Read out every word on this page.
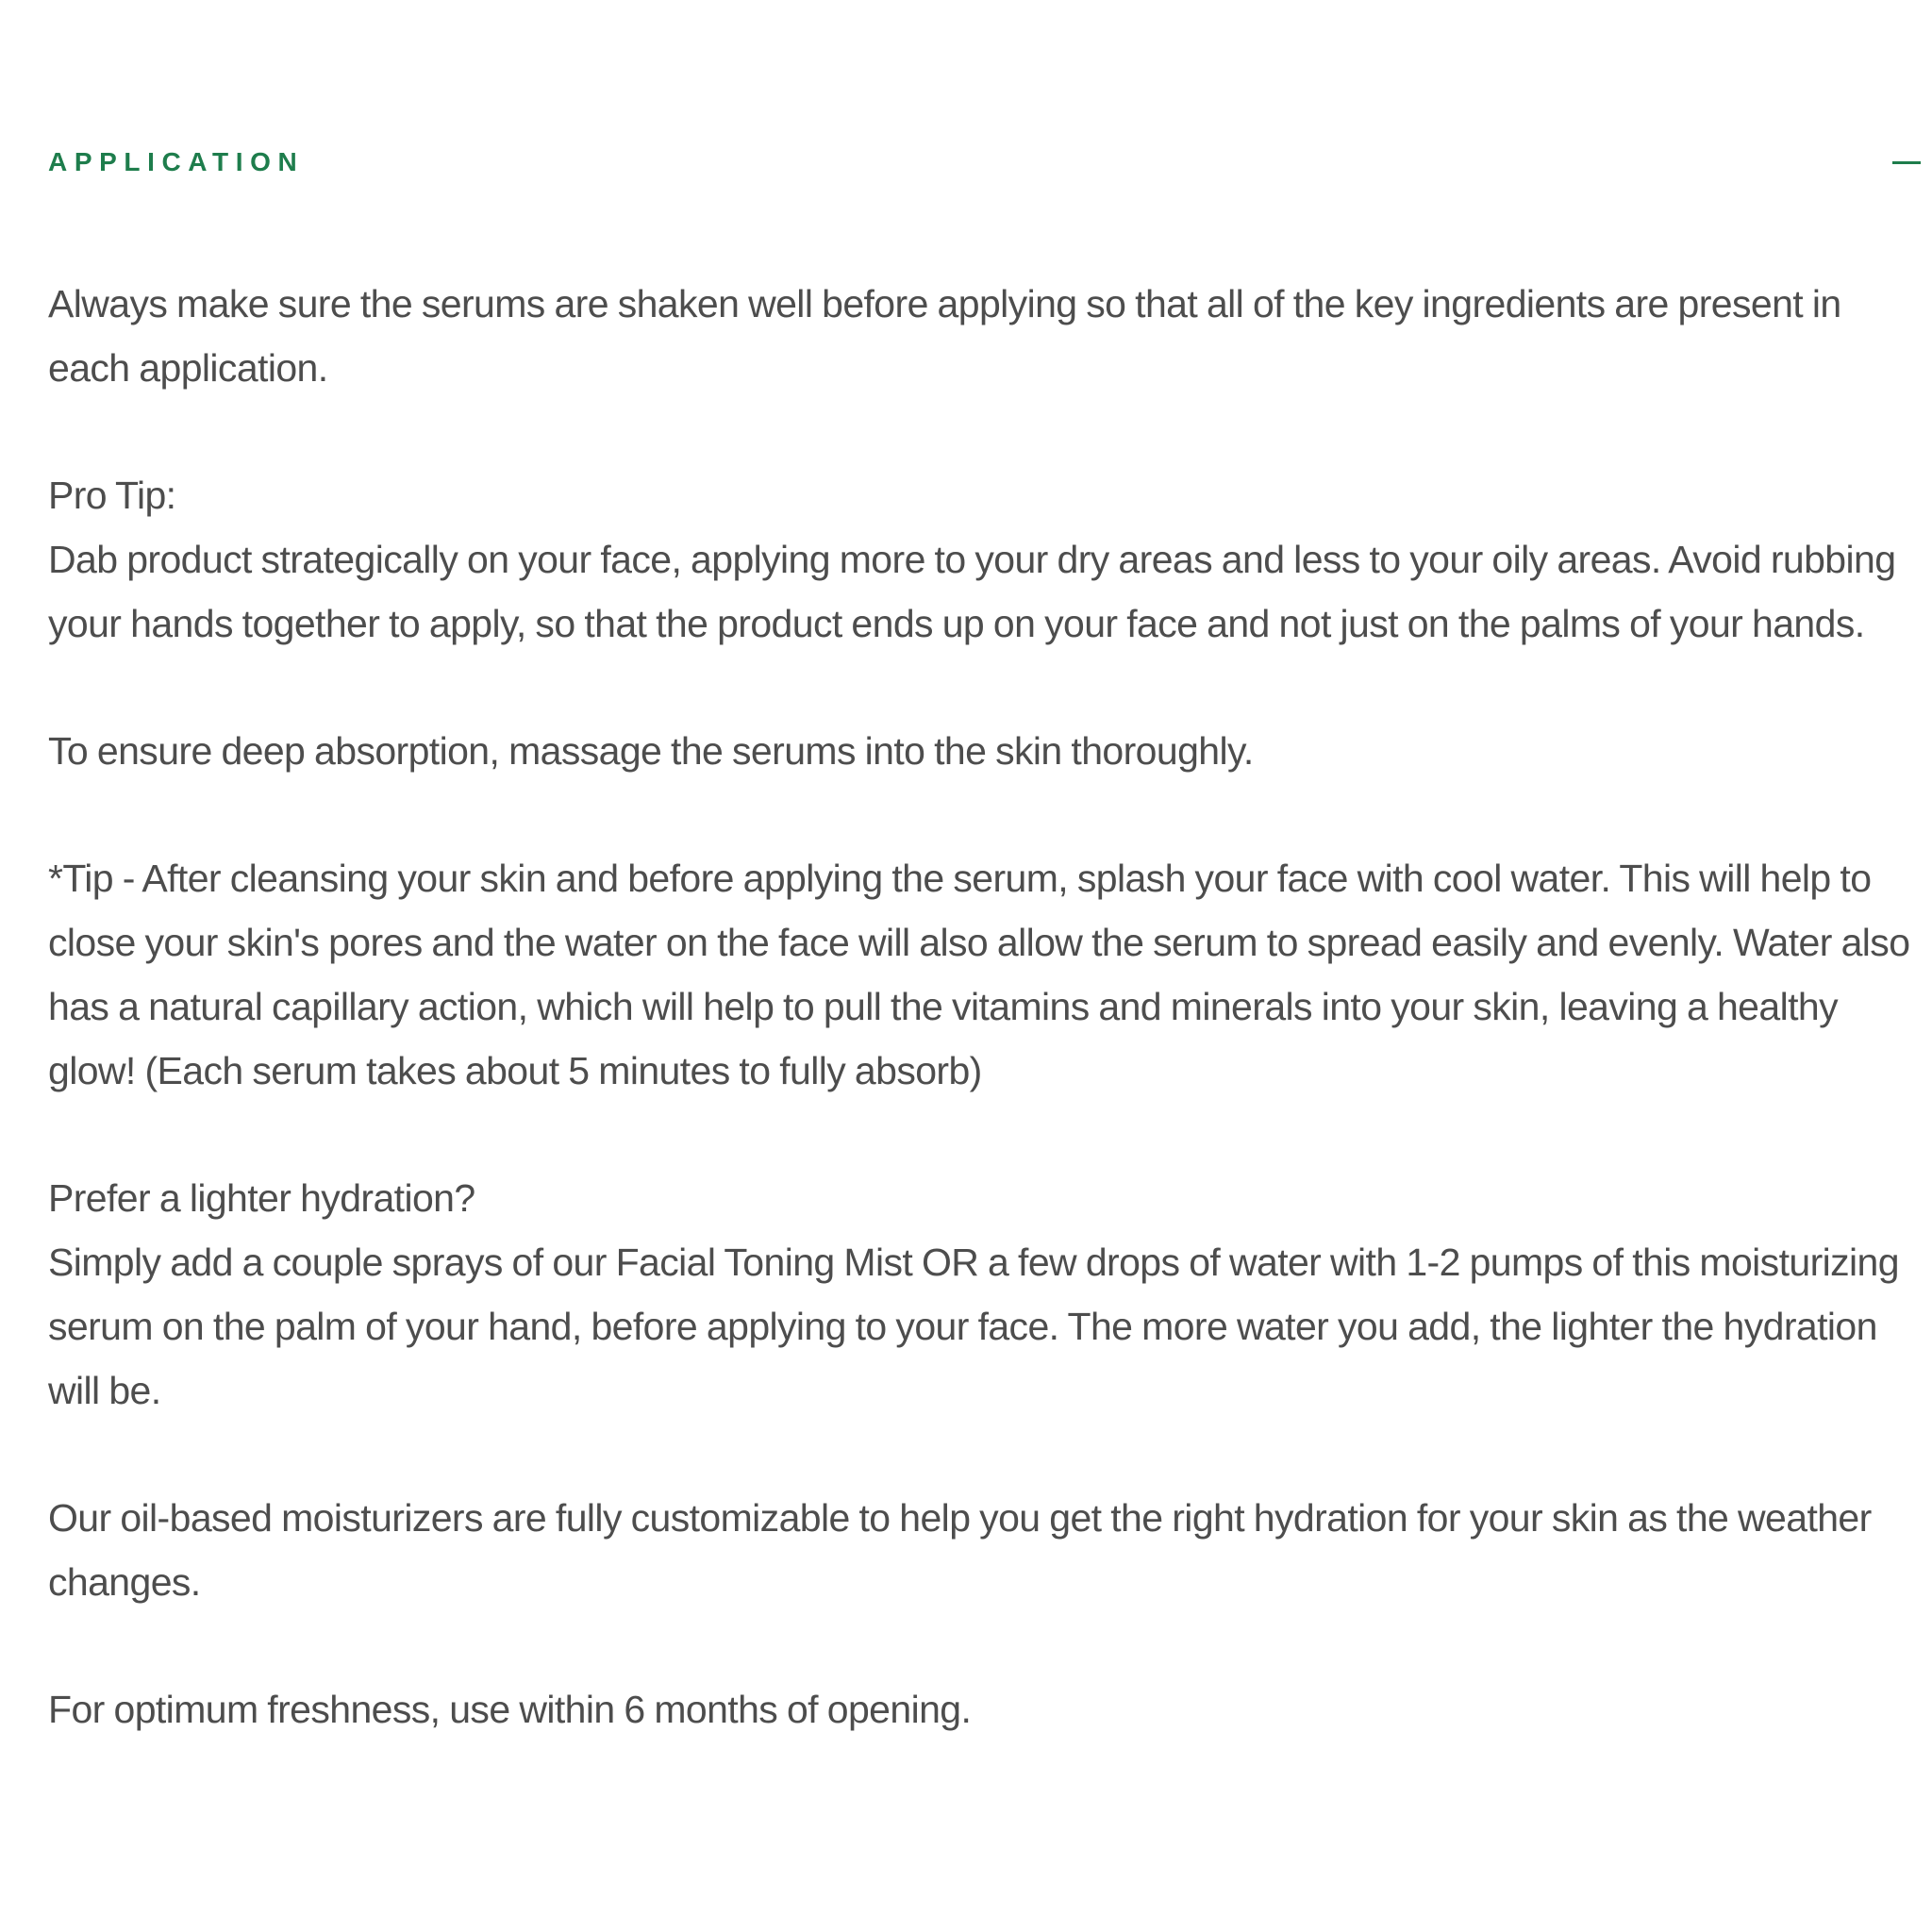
APPLICATION

Always make sure the serums are shaken well before applying so that all of the key ingredients are present in each application.

Pro Tip:
Dab product strategically on your face, applying more to your dry areas and less to your oily areas. Avoid rubbing your hands together to apply, so that the product ends up on your face and not just on the palms of your hands.

To ensure deep absorption, massage the serums into the skin thoroughly.

*Tip - After cleansing your skin and before applying the serum, splash your face with cool water. This will help to close your skin's pores and the water on the face will also allow the serum to spread easily and evenly. Water also has a natural capillary action, which will help to pull the vitamins and minerals into your skin, leaving a healthy glow! (Each serum takes about 5 minutes to fully absorb)

Prefer a lighter hydration?
Simply add a couple sprays of our Facial Toning Mist OR a few drops of water with 1-2 pumps of this moisturizing serum on the palm of your hand, before applying to your face. The more water you add, the lighter the hydration will be.

Our oil-based moisturizers are fully customizable to help you get the right hydration for your skin as the weather changes.

For optimum freshness, use within 6 months of opening.
